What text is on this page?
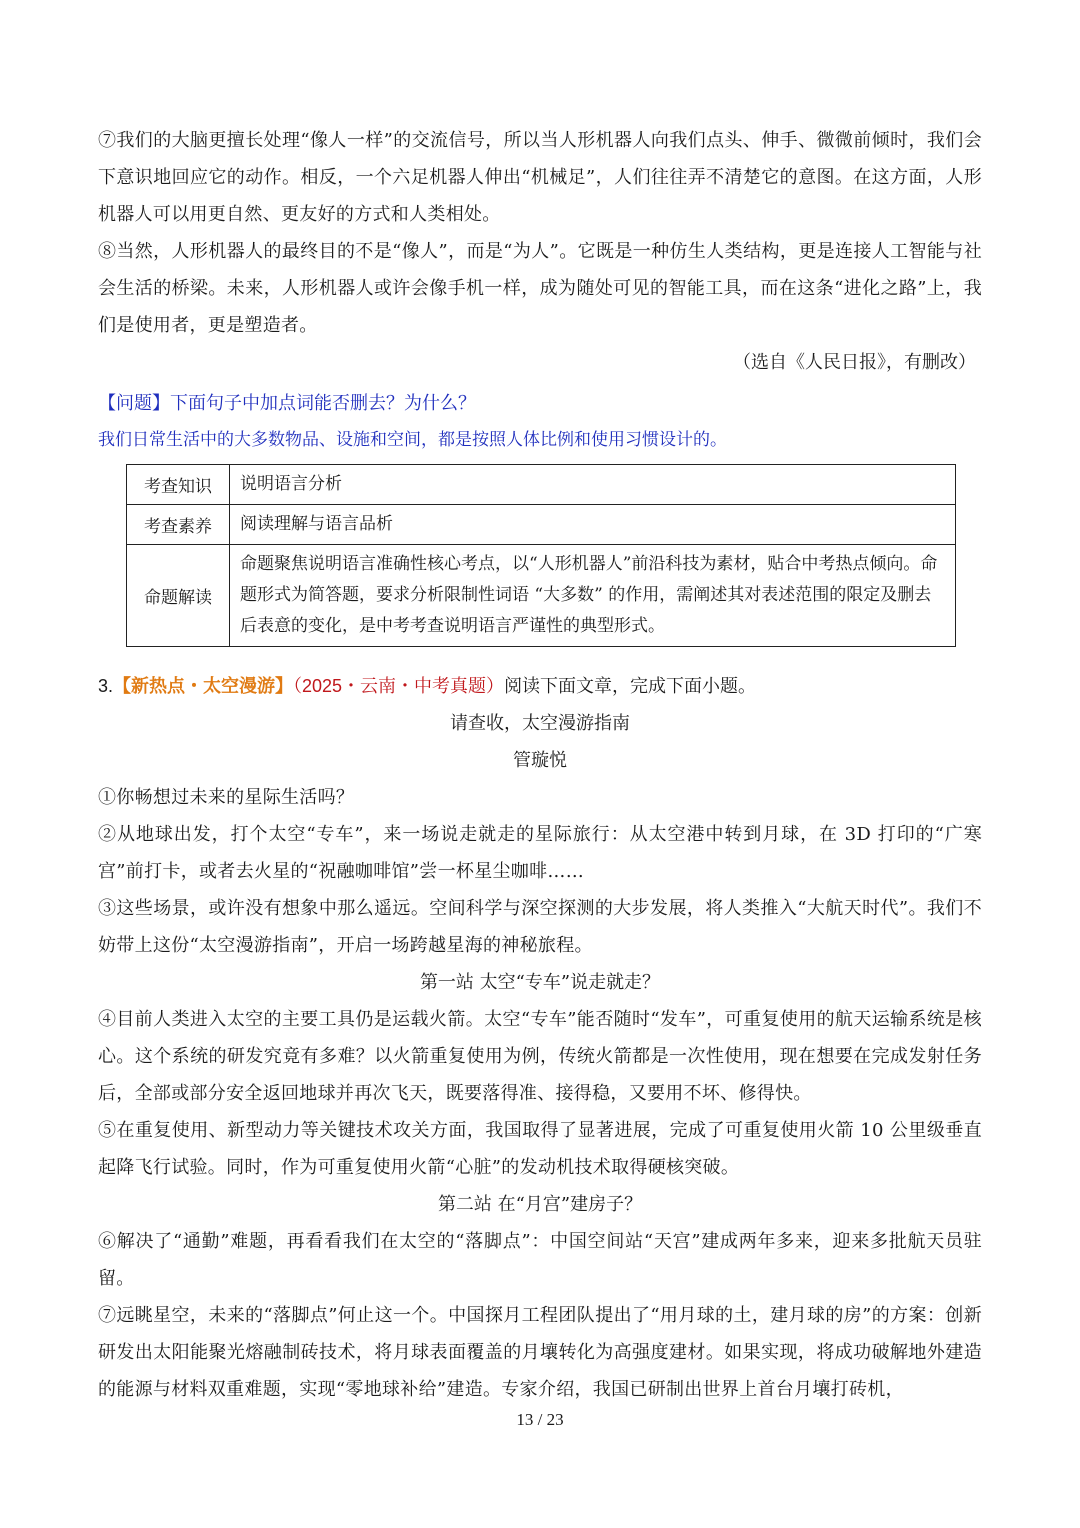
⑦我们的大脑更擅长处理“像人一样”的交流信号，所以当人形机器人向我们点头、伸手、微微前倾时，我们会下意识地回应它的动作。相反，一个六足机器人伸出“机械足”，人们往往弄不清楚它的意图。在这方面，人形机器人可以用更自然、更友好的方式和人类相处。

⑧当然，人形机器人的最终目的不是“像人”，而是“为人”。它既是一种仿生人类结构，更是连接人工智能与社会生活的桥梁。未来，人形机器人或许会像手机一样，成为随处可见的智能工具，而在这条“进化之路”上，我们是使用者，更是塑造者。

（选自《人民日报》，有删改）

【问题】下面句子中加点词能否删去？为什么？

我们日常生活中的大多数物品、设施和空间，都是按照人体比例和使用习惯设计的。

考查知识	说明语言分析
考查素养	阅读理解与语言品析
命题解读	命题聚焦说明语言准确性核心考点，以“人形机器人”前沿科技为素材，贴合中考热点倾向。命题形式为简答题，要求分析限制性词语 “大多数” 的作用，需阐述其对表述范围的限定及删去后表意的变化，是中考考查说明语言严谨性的典型形式。

3.【新热点・太空漫游】（2025・云南・中考真题）阅读下面文章，完成下面小题。

请查收，太空漫游指南

管璇悦

①你畅想过未来的星际生活吗？

②从地球出发，打个太空“专车”，来一场说走就走的星际旅行：从太空港中转到月球，在 3D 打印的“广寒宫”前打卡，或者去火星的“祝融咖啡馆”尝一杯星尘咖啡……

③这些场景，或许没有想象中那么遥远。空间科学与深空探测的大步发展，将人类推入“大航天时代”。我们不妨带上这份“太空漫游指南”，开启一场跨越星海的神秘旅程。

第一站 太空“专车”说走就走？

④目前人类进入太空的主要工具仍是运载火箭。太空“专车”能否随时“发车”，可重复使用的航天运输系统是核心。这个系统的研发究竟有多难？以火箭重复使用为例，传统火箭都是一次性使用，现在想要在完成发射任务后，全部或部分安全返回地球并再次飞天，既要落得准、接得稳，又要用不坏、修得快。

⑤在重复使用、新型动力等关键技术攻关方面，我国取得了显著进展，完成了可重复使用火箭 10 公里级垂直起降飞行试验。同时，作为可重复使用火箭“心脏”的发动机技术取得硬核突破。

第二站 在“月宫”建房子？

⑥解决了“通勤”难题，再看看我们在太空的“落脚点”：中国空间站“天宫”建成两年多来，迎来多批航天员驻留。

⑦远眺星空，未来的“落脚点”何止这一个。中国探月工程团队提出了“用月球的土，建月球的房”的方案：创新研发出太阳能聚光熔融制砖技术，将月球表面覆盖的月壤转化为高强度建材。如果实现，将成功破解地外建造的能源与材料双重难题，实现“零地球补给”建造。专家介绍，我国已研制出世界上首台月壤打砖机，

13 / 23
